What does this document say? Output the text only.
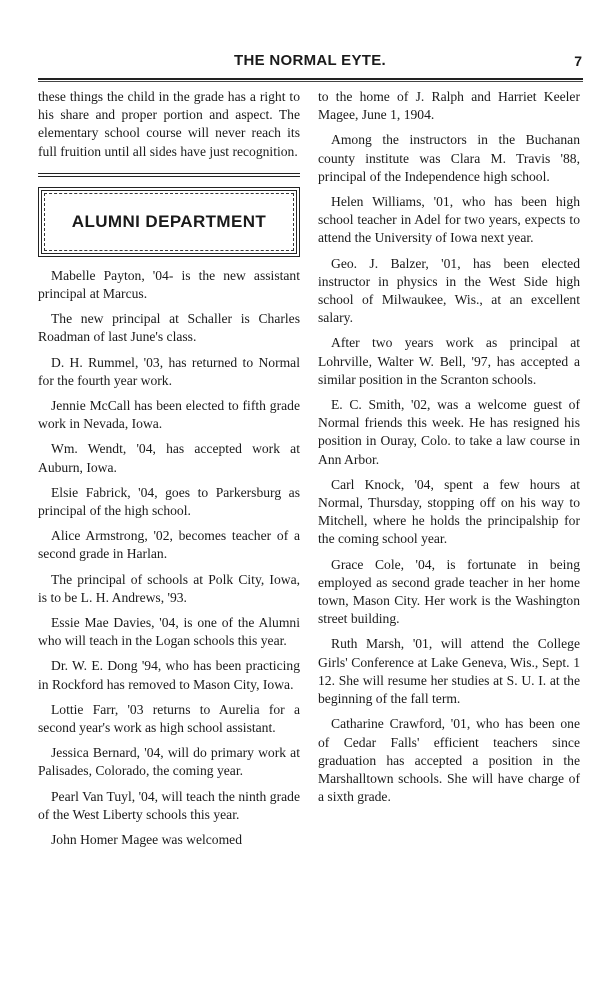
THE NORMAL EYTE.	7

these things the child in the grade has a right to his share and proper portion and aspect. The elementary school course will never reach its full fruition until all sides have just recognition.

ALUMNI DEPARTMENT

Mabelle Payton, '04- is the new assistant principal at Marcus.

The new principal at Schaller is Charles Roadman of last June's class.

D. H. Rummel, '03, has returned to Normal for the fourth year work.

Jennie McCall has been elected to fifth grade work in Nevada, Iowa.

Wm. Wendt, '04, has accepted work at Auburn, Iowa.

Elsie Fabrick, '04, goes to Parkersburg as principal of the high school.

Alice Armstrong, '02, becomes teacher of a second grade in Harlan.

The principal of schools at Polk City, Iowa, is to be L. H. Andrews, '93.

Essie Mae Davies, '04, is one of the Alumni who will teach in the Logan schools this year.

Dr. W. E. Dong '94, who has been practicing in Rockford has removed to Mason City, Iowa.

Lottie Farr, '03 returns to Aurelia for a second year's work as high school assistant.

Jessica Bernard, '04, will do primary work at Palisades, Colorado, the coming year.

Pearl Van Tuyl, '04, will teach the ninth grade of the West Liberty schools this year.

John Homer Magee was welcomed

to the home of J. Ralph and Harriet Keeler Magee, June 1, 1904.

Among the instructors in the Buchanan county institute was Clara M. Travis '88, principal of the Independence high school.

Helen Williams, '01, who has been high school teacher in Adel for two years, expects to attend the University of Iowa next year.

Geo. J. Balzer, '01, has been elected instructor in physics in the West Side high school of Milwaukee, Wis., at an excellent salary.

After two years work as principal at Lohrville, Walter W. Bell, '97, has accepted a similar position in the Scranton schools.

E. C. Smith, '02, was a welcome guest of Normal friends this week. He has resigned his position in Ouray, Colo. to take a law course in Ann Arbor.

Carl Knock, '04, spent a few hours at Normal, Thursday, stopping off on his way to Mitchell, where he holds the principalship for the coming school year.

Grace Cole, '04, is fortunate in being employed as second grade teacher in her home town, Mason City. Her work is the Washington street building.

Ruth Marsh, '01, will attend the College Girls' Conference at Lake Geneva, Wis., Sept. 1 12. She will resume her studies at S. U. I. at the beginning of the fall term.

Catharine Crawford, '01, who has been one of Cedar Falls' efficient teachers since graduation has accepted a position in the Marshalltown schools. She will have charge of a sixth grade.
